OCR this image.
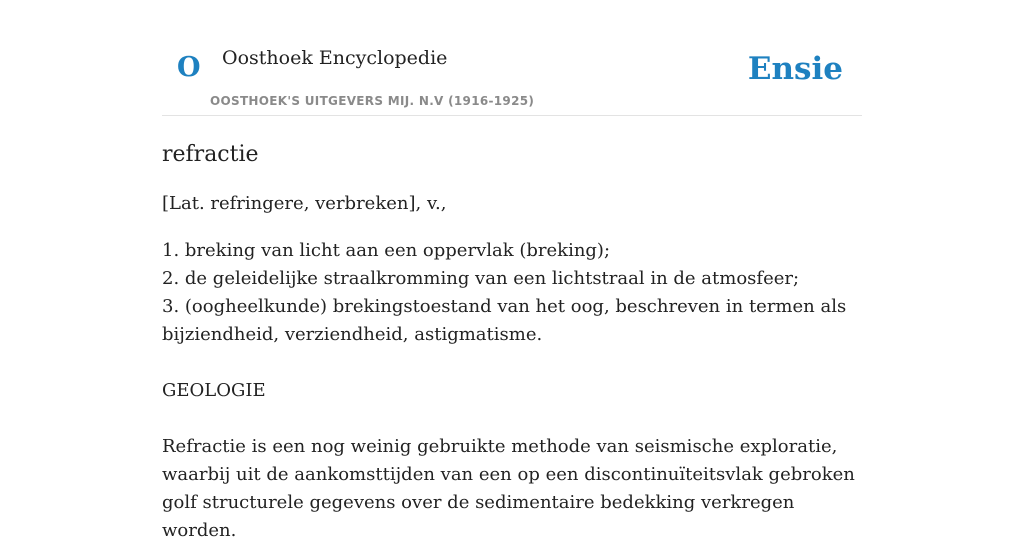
O Oosthoek Encyclopedie
OOSTHOEK'S UITGEVERS MIJ. N.V (1916-1925)
Ensie
refractie

[Lat. refringere, verbreken], v.,

1. breking van licht aan een oppervlak (breking);
2. de geleidelijke straalkromming van een lichtstraal in de atmosfeer;
3. (oogheelkunde) brekingstoestand van het oog, beschreven in termen als bijziendheid, verziendheid, astigmatisme.

GEOLOGIE

Refractie is een nog weinig gebruikte methode van seismische exploratie, waarbij uit de aankomsttijden van een op een discontinuïteitsvlak gebroken golf structurele gegevens over de sedimentaire bedekking verkregen worden.
